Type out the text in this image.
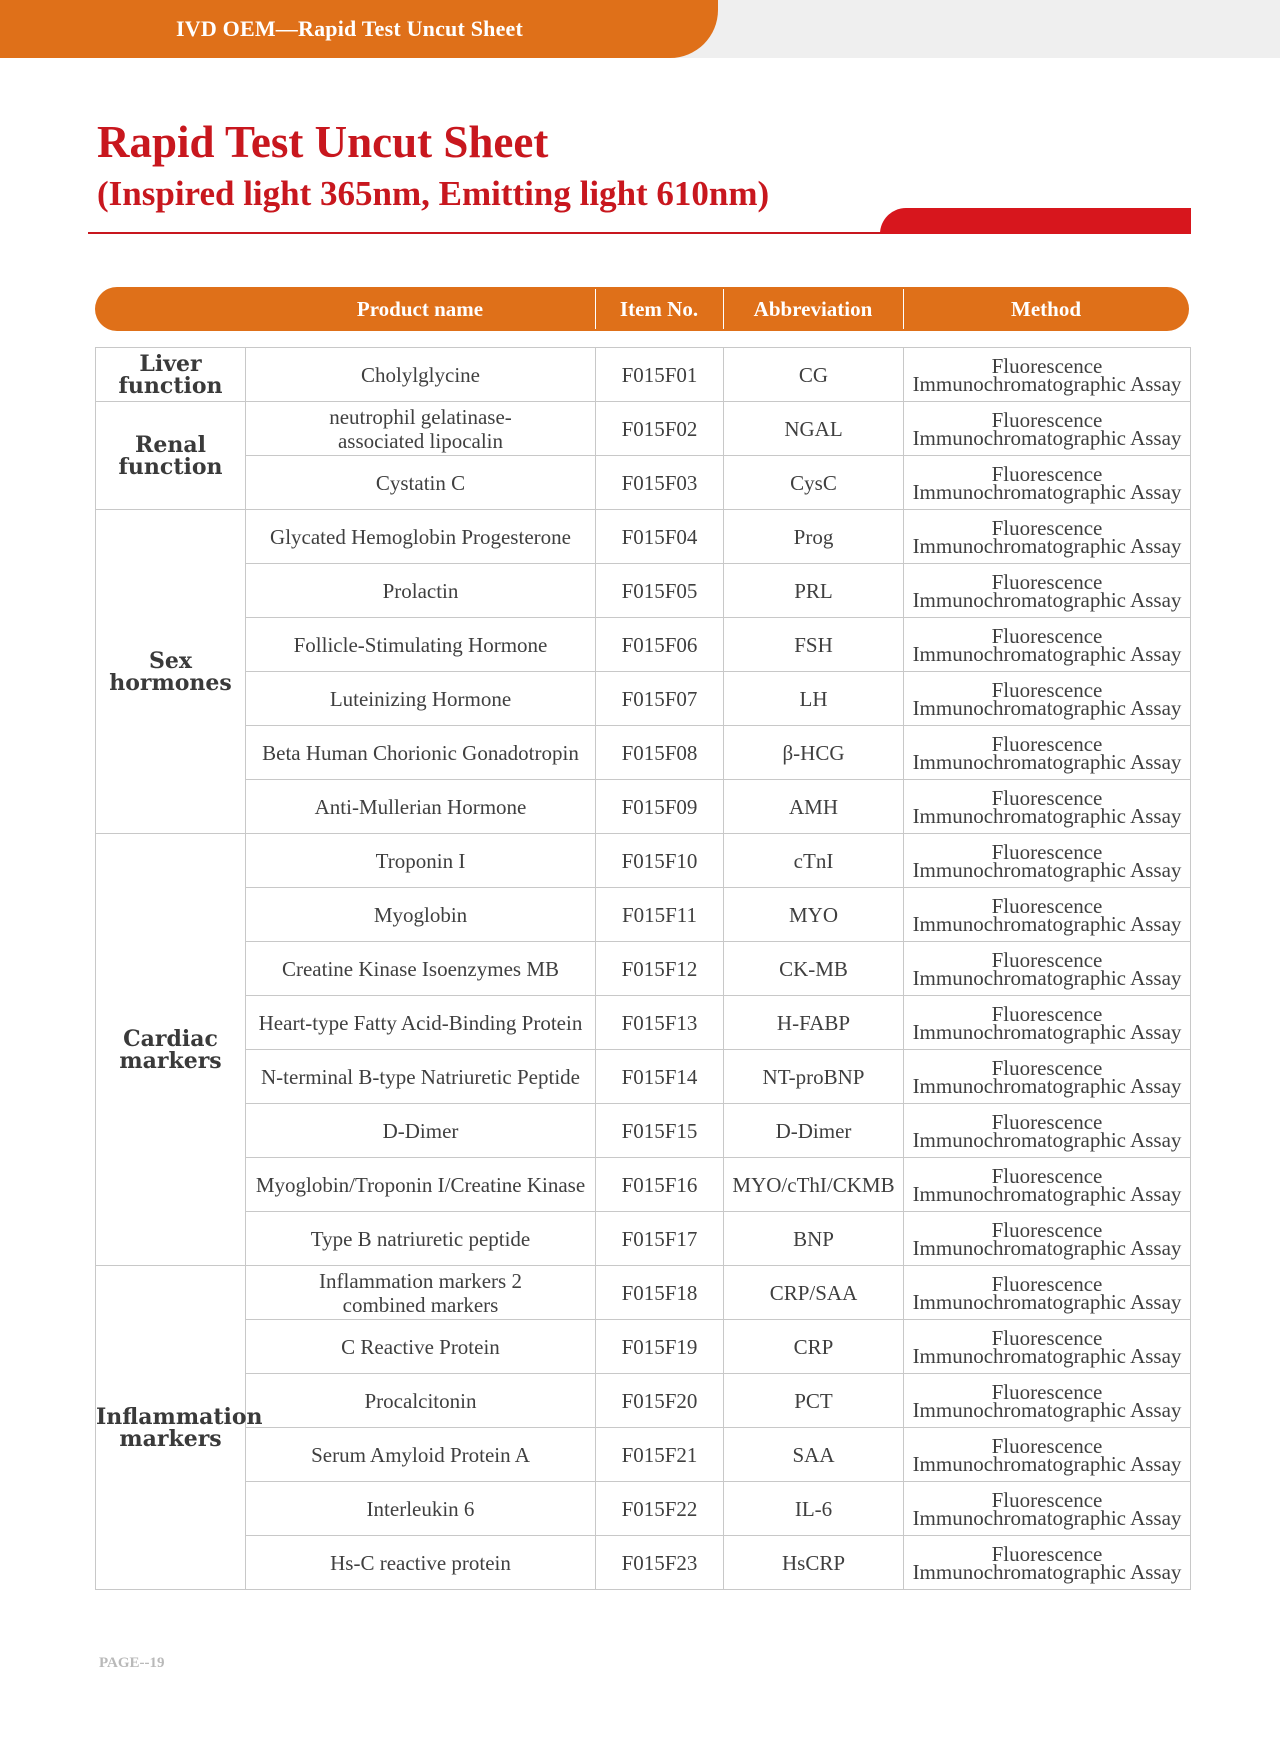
IVD OEM—Rapid Test Uncut Sheet
Rapid Test Uncut Sheet
(Inspired light 365nm, Emitting light 610nm)
Product name	Item No.	Abbreviation	Method
Liver
function	Cholylglycine	F015F01	CG	Fluorescence
Immunochromatographic Assay
Renal
function	neutrophil gelatinase-
associated lipocalin	F015F02	NGAL	Fluorescence
Immunochromatographic Assay
	Cystatin C	F015F03	CysC	Fluorescence
Immunochromatographic Assay
Sex
hormones	Glycated Hemoglobin Progesterone	F015F04	Prog	Fluorescence
Immunochromatographic Assay
	Prolactin	F015F05	PRL	Fluorescence
Immunochromatographic Assay
	Follicle-Stimulating Hormone	F015F06	FSH	Fluorescence
Immunochromatographic Assay
	Luteinizing Hormone	F015F07	LH	Fluorescence
Immunochromatographic Assay
	Beta Human Chorionic Gonadotropin	F015F08	β-HCG	Fluorescence
Immunochromatographic Assay
	Anti-Mullerian Hormone	F015F09	AMH	Fluorescence
Immunochromatographic Assay
Cardiac
markers	Troponin I	F015F10	cTnI	Fluorescence
Immunochromatographic Assay
	Myoglobin	F015F11	MYO	Fluorescence
Immunochromatographic Assay
	Creatine Kinase Isoenzymes MB	F015F12	CK-MB	Fluorescence
Immunochromatographic Assay
	Heart-type Fatty Acid-Binding Protein	F015F13	H-FABP	Fluorescence
Immunochromatographic Assay
	N-terminal B-type Natriuretic Peptide	F015F14	NT-proBNP	Fluorescence
Immunochromatographic Assay
	D-Dimer	F015F15	D-Dimer	Fluorescence
Immunochromatographic Assay
	Myoglobin/Troponin I/Creatine Kinase	F015F16	MYO/cThI/CKMB	Fluorescence
Immunochromatographic Assay
	Type B natriuretic peptide	F015F17	BNP	Fluorescence
Immunochromatographic Assay
Inflammation
markers	Inflammation markers 2
combined markers	F015F18	CRP/SAA	Fluorescence
Immunochromatographic Assay
	C Reactive Protein	F015F19	CRP	Fluorescence
Immunochromatographic Assay
	Procalcitonin	F015F20	PCT	Fluorescence
Immunochromatographic Assay
	Serum Amyloid Protein A	F015F21	SAA	Fluorescence
Immunochromatographic Assay
	Interleukin 6	F015F22	IL-6	Fluorescence
Immunochromatographic Assay
	Hs-C reactive protein	F015F23	HsCRP	Fluorescence
Immunochromatographic Assay
PAGE--19
